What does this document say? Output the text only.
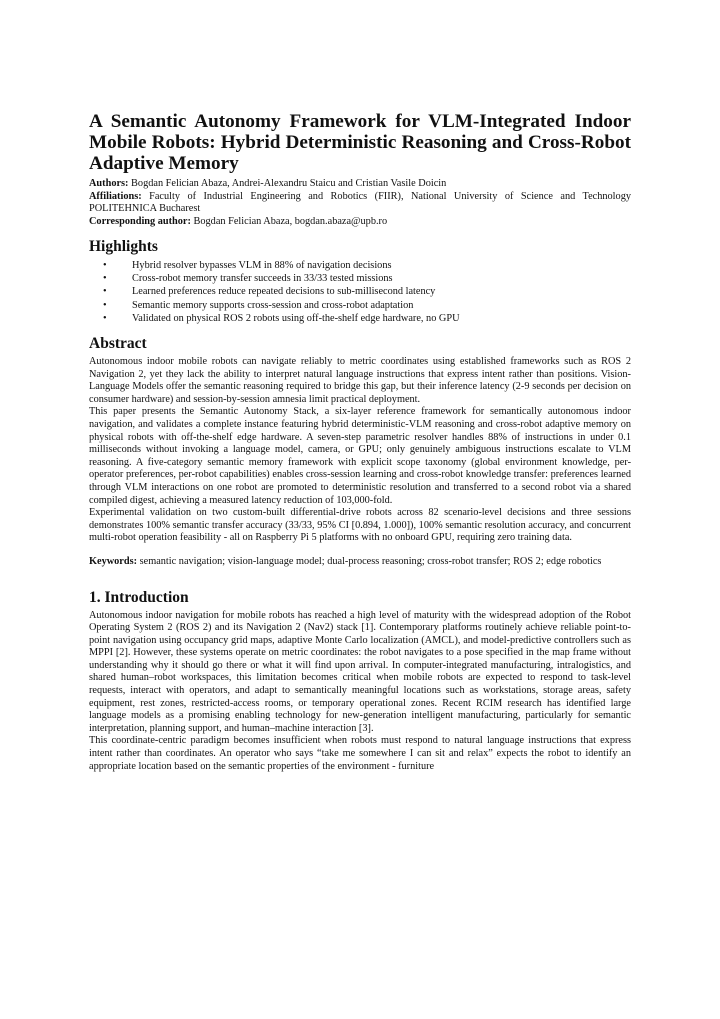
A Semantic Autonomy Framework for VLM-Integrated Indoor Mobile Robots: Hybrid Deterministic Reasoning and Cross-Robot Adaptive Memory
Authors: Bogdan Felician Abaza, Andrei-Alexandru Staicu and Cristian Vasile Doicin
Affiliations: Faculty of Industrial Engineering and Robotics (FIIR), National University of Science and Technology POLITEHNICA Bucharest
Corresponding author: Bogdan Felician Abaza, bogdan.abaza@upb.ro
Highlights
• Hybrid resolver bypasses VLM in 88% of navigation decisions
• Cross-robot memory transfer succeeds in 33/33 tested missions
• Learned preferences reduce repeated decisions to sub-millisecond latency
• Semantic memory supports cross-session and cross-robot adaptation
• Validated on physical ROS 2 robots using off-the-shelf edge hardware, no GPU
Abstract

Autonomous indoor mobile robots can navigate reliably to metric coordinates using established frameworks such as ROS 2 Navigation 2, yet they lack the ability to interpret natural language instructions that express intent rather than positions. Vision-Language Models offer the semantic reasoning required to bridge this gap, but their inference latency (2-9 seconds per decision on consumer hardware) and session-by-session amnesia limit practical deployment.

This paper presents the Semantic Autonomy Stack, a six-layer reference framework for semantically autonomous indoor navigation, and validates a complete instance featuring hybrid deterministic-VLM reasoning and cross-robot adaptive memory on physical robots with off-the-shelf edge hardware. A seven-step parametric resolver handles 88% of instructions in under 0.1 milliseconds without invoking a language model, camera, or GPU; only genuinely ambiguous instructions escalate to VLM reasoning. A five-category semantic memory framework with explicit scope taxonomy (global environment knowledge, per-operator preferences, per-robot capabilities) enables cross-session learning and cross-robot knowledge transfer: preferences learned through VLM interactions on one robot are promoted to deterministic resolution and transferred to a second robot via a shared compiled digest, achieving a measured latency reduction of 103,000-fold.

Experimental validation on two custom-built differential-drive robots across 82 scenario-level decisions and three sessions demonstrates 100% semantic transfer accuracy (33/33, 95% CI [0.894, 1.000]), 100% semantic resolution accuracy, and concurrent multi-robot operation feasibility - all on Raspberry Pi 5 platforms with no onboard GPU, requiring zero training data.

Keywords: semantic navigation; vision-language model; dual-process reasoning; cross-robot transfer; ROS 2; edge robotics
1. Introduction

Autonomous indoor navigation for mobile robots has reached a high level of maturity with the widespread adoption of the Robot Operating System 2 (ROS 2) and its Navigation 2 (Nav2) stack [1]. Contemporary platforms routinely achieve reliable point-to-point navigation using occupancy grid maps, adaptive Monte Carlo localization (AMCL), and model-predictive controllers such as MPPI [2]. However, these systems operate on metric coordinates: the robot navigates to a pose specified in the map frame without understanding why it should go there or what it will find upon arrival. In computer-integrated manufacturing, intralogistics, and shared human–robot workspaces, this limitation becomes critical when mobile robots are expected to respond to task-level requests, interact with operators, and adapt to semantically meaningful locations such as workstations, storage areas, safety equipment, rest zones, restricted-access rooms, or temporary operational zones. Recent RCIM research has identified large language models as a promising enabling technology for new-generation intelligent manufacturing, particularly for semantic interpretation, planning support, and human–machine interaction [3].

This coordinate-centric paradigm becomes insufficient when robots must respond to natural language instructions that express intent rather than coordinates. An operator who says “take me somewhere I can sit and relax” expects the robot to identify an appropriate location based on the semantic properties of the environment - furniture
